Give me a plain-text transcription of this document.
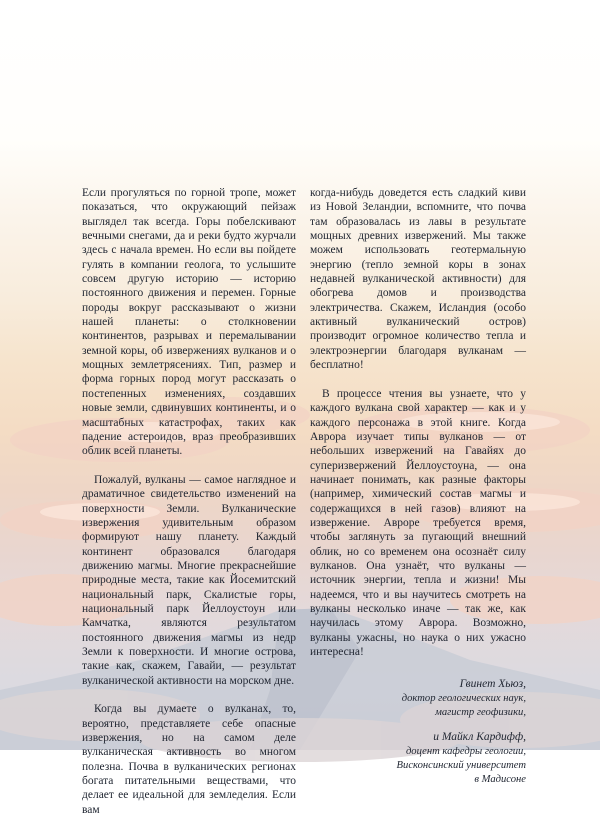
Если прогуляться по горной тропе, может показаться, что окружающий пейзаж выглядел так всегда. Горы побелскивают вечными снегами, да и реки будто журчали здесь с начала времен. Но если вы пойдете гулять в компании геолога, то услышите совсем другую историю — историю постоянного движения и перемен. Горные породы вокруг рассказывают о жизни нашей планеты: о столкновении континентов, разрывах и перемалывании земной коры, об извержениях вулканов и о мощных землетрясениях. Тип, размер и форма горных пород могут рассказать о постепенных изменениях, создавших новые земли, сдвинувших континенты, и о масштабных катастрофах, таких как падение астероидов, враз преобразивших облик всей планеты.

Пожалуй, вулканы — самое наглядное и драматичное свидетельство изменений на поверхности Земли. Вулканические извержения удивительным образом формируют нашу планету. Каждый континент образовался благодаря движению магмы. Многие прекраснейшие природные места, такие как Йосемитский национальный парк, Скалистые горы, национальный парк Йеллоустоун или Камчатка, являются результатом постоянного движения магмы из недр Земли к поверхности. И многие острова, такие как, скажем, Гавайи, — результат вулканической активности на морском дне.

Когда вы думаете о вулканах, то, вероятно, представляете себе опасные извержения, но на самом деле вулканическая активность во многом полезна. Почва в вулканических регионах богата питательными веществами, что делает ее идеальной для земледелия. Если вам

когда-нибудь доведется есть сладкий киви из Новой Зеландии, вспомните, что почва там образовалась из лавы в результате мощных древних извержений. Мы также можем использовать геотермальную энергию (тепло земной коры в зонах недавней вулканической активности) для обогрева домов и производства электричества. Скажем, Исландия (особо активный вулканический остров) производит огромное количество тепла и электроэнергии благодаря вулканам — бесплатно!

В процессе чтения вы узнаете, что у каждого вулкана свой характер — как и у каждого персонажа в этой книге. Когда Аврора изучает типы вулканов — от небольших извержений на Гавайях до суперизвержений Йеллоустоуна, — она начинает понимать, как разные факторы (например, химический состав магмы и содержащихся в ней газов) влияют на извержение. Авроре требуется время, чтобы заглянуть за пугающий внешний облик, но со временем она осознаёт силу вулканов. Она узнаёт, что вулканы — источник энергии, тепла и жизни! Мы надеемся, что и вы научитесь смотреть на вулканы несколько иначе — так же, как научилась этому Аврора. Возможно, вулканы ужасны, но наука о них ужасно интересна!

Гвинет Хьюз,
доктор геологических наук,
магистр геофизики,
и Майкл Кардифф,
доцент кафедры геологии,
Висконсинский университет
в Мадисоне
